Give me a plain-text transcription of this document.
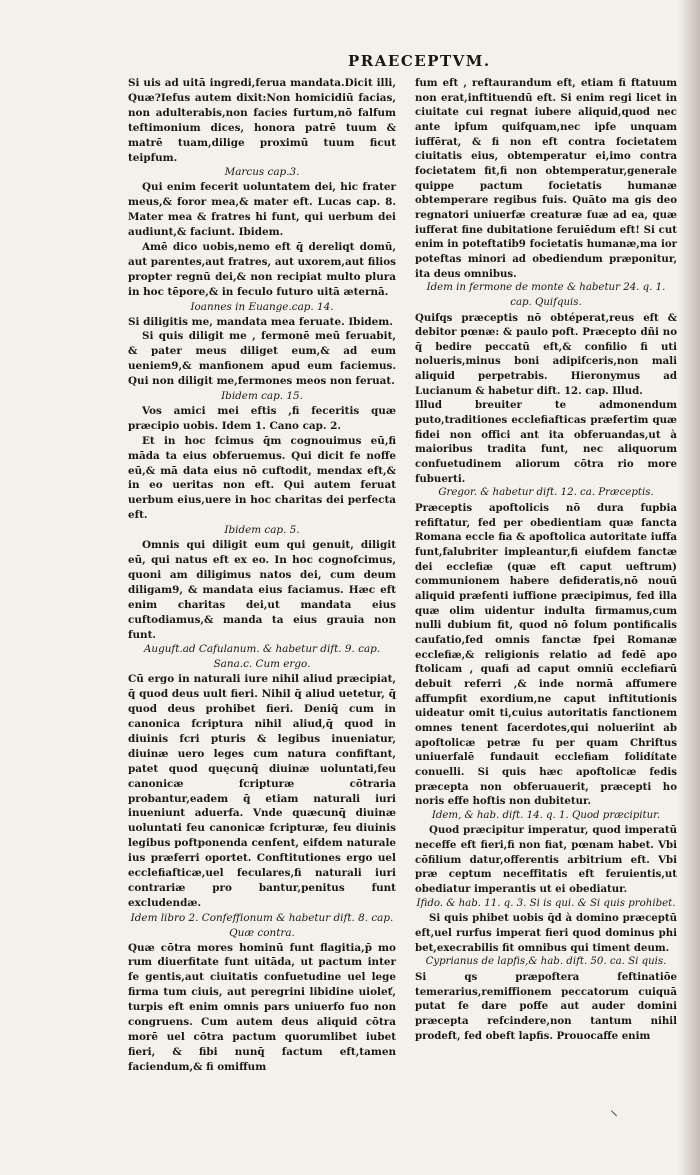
PRAECEPTVM.

Si uis ad uitā ingredi,ferua mandata.Dicit illi, Quæ?Iefus autem dixit:Non homicidiū facias, non adulterabis,non facies furtum,nō falfum teftimonium dices, honora patrē tuum & matrē tuam,dilige proximū tuum ficut teipfum.

Marcus cap.3.

Qui enim fecerit uoluntatem dei, hic frater meus,& foror mea,& mater eft. Lucas cap. 8. Mater mea & fratres hi funt, qui uerbum dei audiunt,& faciunt. Ibidem.

Amē dico uobis,nemo eft q̄ dereliqt domū, aut parentes,aut fratres, aut uxorem,aut filios propter regnū dei,& non recipiat multo plura in hoc tēpore,& in feculo futuro uitā æternā.

Ioannes in Euange.cap. 14.

Si diligitis me, mandata mea feruate. Ibidem.

Si quis diligit me , fermonē meū feruabit, & pater meus diliget eum,& ad eum ueniem9,& manfionem apud eum faciemus. Qui non diligit me,fermones meos non feruat.

Ibidem cap. 15.

Vos amici mei eftis ,fi feceritis quæ præcipio uobis. Idem 1. Cano cap. 2.

Et in hoc fcimus q̄m cognouimus eū,fi māda ta eius obferuemus. Qui dicit fe noffe eū,& mā data eius nō cuftodit, mendax eft,& in eo ueritas non eft. Qui autem feruat uerbum eius,uere in hoc charitas dei perfecta eft.

Ibidem cap. 5.

Omnis qui diligit eum qui genuit, diligit eū, qui natus eft ex eo. In hoc cognofcimus, quoni am diligimus natos dei, cum deum diligam9, & mandata eius faciamus. Hæc eft enim charitas dei,ut mandata eius cuftodiamus,& manda ta eius grauia non funt.

Auguft.ad Cafulanum. & habetur dift. 9. cap. Sana.c. Cum ergo.

Cū ergo in naturali iure nihil aliud præcipiat, q̄ quod deus uult fieri. Nihil q̄ aliud uetetur, q̄ quod deus prohibet fieri. Deniq̄ cum in canonica fcriptura nihil aliud,q̄ quod in diuinis fcri pturis & legibus inueniatur, diuinæ uero leges cum natura confiftant, patet quod quęcunq̄ diuinæ uoluntati,feu canonicæ fcripturæ cōtraria probantur,eadem q̄ etiam naturali iuri inueniunt aduerfa. Vnde quæcunq̄ diuinæ uoluntati feu canonicæ fcripturæ, feu diuinis legibus poftponenda cenfent, eifdem naturale ius præferri oportet. Conftitutiones ergo uel ecclefiafticæ,uel feculares,fi naturali iuri contrariæ pro bantur,penitus funt excludendæ.

Idem libro 2. Confeffionum & habetur dift. 8. cap. Quæ contra.

Quæ cōtra mores hominū funt flagitia,p̄ mo rum diuerfitate funt uitāda, ut pactum inter fe gentis,aut ciuitatis confuetudine uel lege firma tum ciuis, aut peregrini libidine uioleť, turpis eft enim omnis pars uniuerfo fuo non congruens. Cum autem deus aliquid cōtra morē uel cōtra pactum quorumlibet iubet fieri, & fibi nunq̄ factum eft,tamen faciendum,& fi omiffum

fum eft , reftaurandum eft, etiam fi ftatuum non erat,inftituendū eft. Si enim regi licet in ciuitate cui regnat iubere aliquid,quod nec ante ipfum quifquam,nec ipfe unquam iuffērat, & fi non eft contra focietatem ciuitatis eius, obtemperatur ei,imo contra focietatem fit,fi non obtemperatur,generale quippe pactum focietatis humanæ obtemperare regibus fuis. Quāto ma gis deo regnatori uniuerfæ creaturæ ſuæ ad ea, quæ iufferat fine dubitatione feruiēdum eft! Si cut enim in poteftatib9 focietatis humanæ,ma ior poteftas minori ad obediendum præponitur, ita deus omnibus.

Idem in fermone de monte & habetur 24. q. 1. cap. Quifquis.

Quifqs præceptis nō obtéperat,reus eft & debitor pœnæ: & paulo poft. Præcepto dñi no q̄ bedire peccatū eft,& confilio fi uti nolueris,minus boni adipifceris,non mali aliquid perpetrabis. Hieronymus ad Lucianum & habetur dift. 12. cap. Illud.

Illud breuiter te admonendum puto,traditiones ecclefiafticas præfertim quæ fidei non offici ant ita obferuandas,ut à maioribus tradita funt, nec aliquorum confuetudinem aliorum cōtra rio more fubuerti.

Gregor. & habetur dift. 12. ca. Præceptis.

Præceptis apoftolicis nō dura fupbia refiftatur, fed per obedientiam quæ fancta Romana eccle fia & apoftolica autoritate iuffa funt,falubriter impleantur,fi eiufdem fanctæ dei ecclefiæ (quæ eft caput ueftrum) communionem habere defideratis,nō nouū aliquid præfenti iuffione præcipimus, fed illa quæ olim uidentur indulta firmamus,cum nulli dubium fit, quod nō folum pontificalis caufatio,fed omnis fanctæ fpei Romanæ ecclefiæ,& religionis relatio ad fedē apo ftolicam , quafi ad caput omniū ecclefiarū debuit referri ,& inde normā affumere affumpfit exordium,ne caput inftitutionis uideatur omit ti,cuius autoritatis fanctionem omnes tenent facerdotes,qui nolueriint ab apoftolicæ petræ fu per quam Chriftus uniuerfalē fundauit ecclefiam folidítate conuelli. Si quis hæc apoftolicæ fedis præcepta non obferuauerit, præcepti ho noris effe hoftis non dubitetur.

Idem, & hab. dift. 14. q. 1. Quod præcipitur.

Quod præcipitur imperatur, quod imperatū neceffe eft fieri,fi non fiat, pœnam habet. Vbi cōfilium datur,offerentis arbitrium eft. Vbi præ ceptum neceffitatis eft feruientis,ut obediatur imperantis ut ei obediatur.

Ifido. & hab. 11. q. 3. Si is qui. & Si quis prohibet.

Si quis phibet uobis q̄d à domino præceptū eft,uel rurfus imperat fieri quod dominus phi bet,execrabilis fit omnibus qui timent deum.

Cyprianus de lapfis,& hab. dift. 50. ca. Si quis.

Si qs præpoftera feftinatiōe temerarius,remiffionem peccatorum cuiquā putat fe dare poffe aut auder domini præcepta refcindere,non tantum nihil prodeft, fed obeft lapfis. Prouocaffe enim

⸜
